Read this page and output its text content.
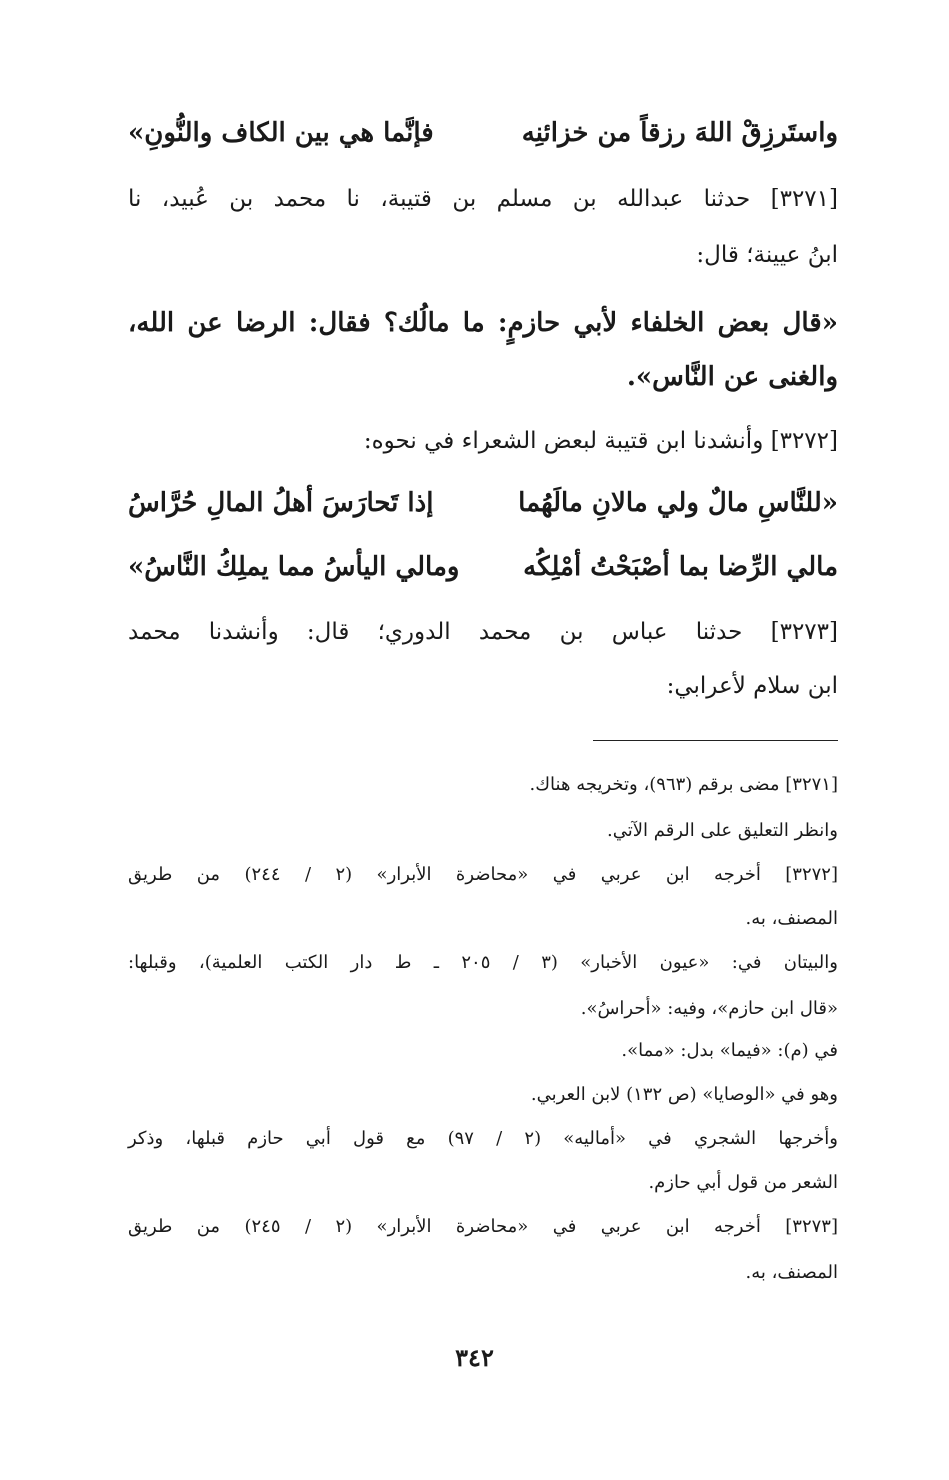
واستَرزِقْ اللهَ رزقاً من خزائنِه
فإنَّما هي بين الكاف والنُّونِ»
[٣٢٧١] حدثنا عبدالله بن مسلم بن قتيبة، نا محمد بن عُبيد، نا
ابنُ عيينة؛ قال:
«قال بعض الخلفاء لأبي حازمٍ: ما مالُك؟ فقال: الرضا عن الله،
والغنى عن النَّاس».
[٣٢٧٢] وأنشدنا ابن قتيبة لبعض الشعراء في نحوه:
«للنَّاسِ مالٌ ولي مالانِ مالَهُما
إذا تَحارَسَ أهلُ المالِ حُرَّاسُ
مالي الرِّضا بما أصْبَحْتُ أمْلِكُه
ومالي اليأسُ مما يملِكُ النَّاسُ»
[٣٢٧٣] حدثنا عباس بن محمد الدوري؛ قال: وأنشدنا محمد
ابن سلام لأعرابي:
[٣٢٧١] مضى برقم (٩٦٣)، وتخريجه هناك.
وانظر التعليق على الرقم الآتي.
[٣٢٧٢] أخرجه ابن عربي في «محاضرة الأبرار» (٢ / ٢٤٤) من طريق
المصنف، به.
والبيتان في: «عيون الأخبار» (٣ / ٢٠٥ ـ ط دار الكتب العلمية)، وقبلها:
«قال ابن حازم»، وفيه: «أحراسُ».
في (م): «فيما» بدل: «مما».
وهو في «الوصايا» (ص ١٣٢) لابن العربي.
وأخرجها الشجري في «أماليه» (٢ / ٩٧) مع قول أبي حازم قبلها، وذكر
الشعر من قول أبي حازم.
[٣٢٧٣] أخرجه ابن عربي في «محاضرة الأبرار» (٢ / ٢٤٥) من طريق
المصنف، به.
٣٤٢
